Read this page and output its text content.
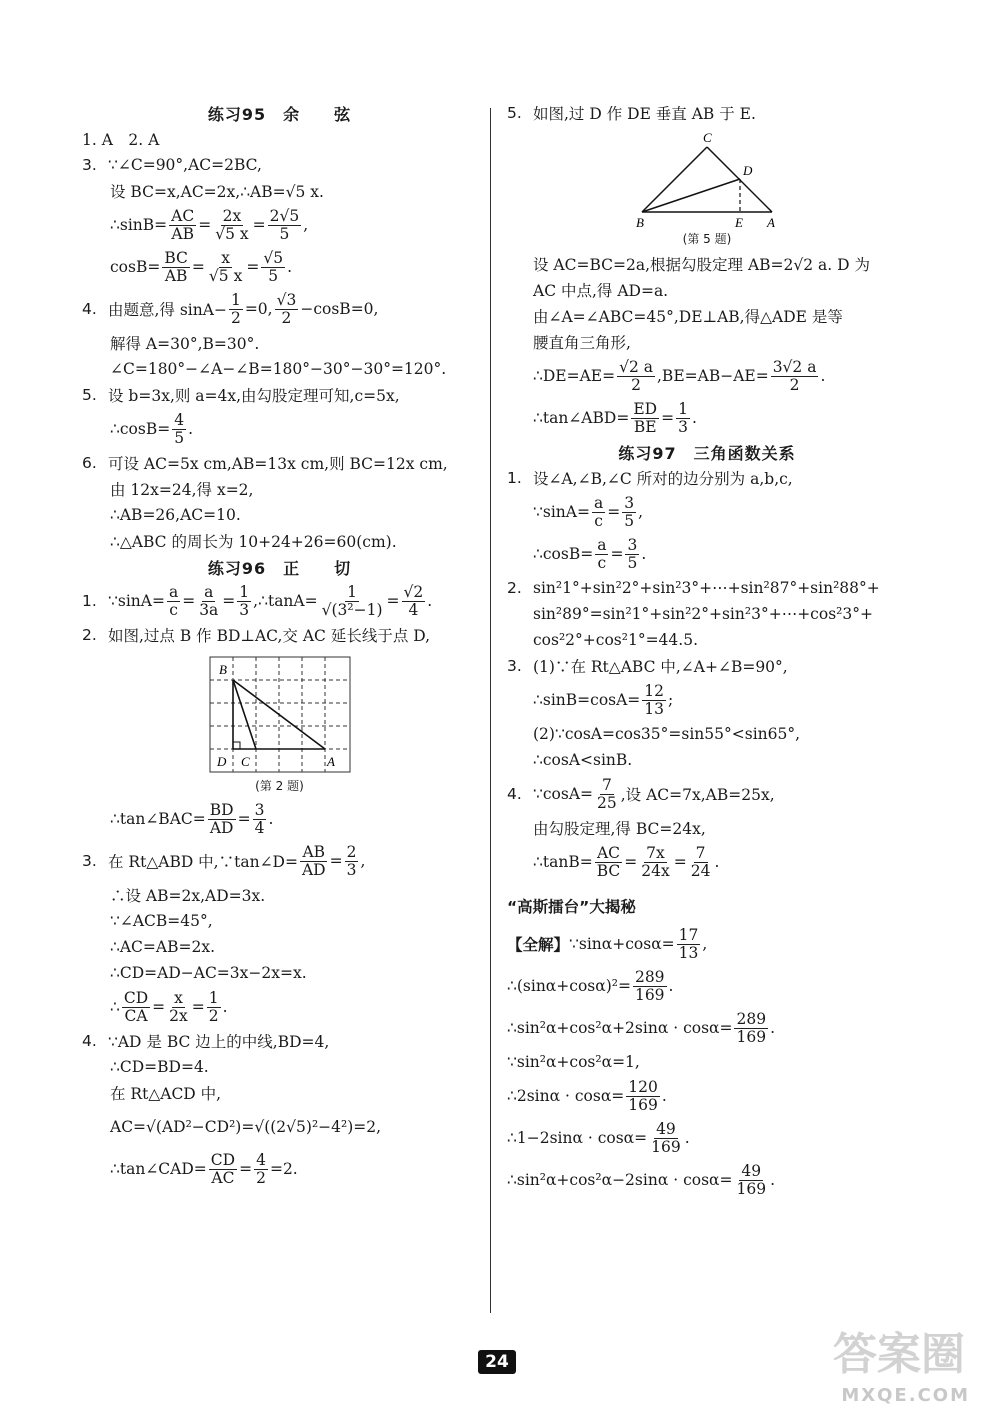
练习95　余　　弦
1. A　2. A
3. ∵∠C=90°,AC=2BC,
设 BC=x,AC=2x,∴AB=√5 x.
∴sinB= $\frac{AC}{AB} = \frac{2x}{√5 x} = \frac{2√5}{5}$ ,
$\cos B= \frac{BC}{AB} = \frac{x}{√5 x} = \frac{√5}{5}$ .
4. 由题意,得 $\sin A- \frac{1}{2} =0$, $\frac{√3}{2} -\cos B=0$,
解得 A=30°,B=30°.
∠C=180°−∠A−∠B=180°−30°−30°=120°.
5. 设 b=3x,则 a=4x,由勾股定理可知,c=5x,
∴cosB= $\frac{4}{5}$ .
6. 可设 AC=5x cm,AB=13x cm,则 BC=12x cm,
由 12x=24,得 x=2,
∴AB=26,AC=10.
∴△ABC 的周长为 10+24+26=60(cm).
练习96　正　　切
1. ∵sinA= $\frac{a}{c} = \frac{a}{3a} = \frac{1}{3}$ ,∴tanA= $\frac{1}{\text{√(3²−1)}} = \frac{√2}{4}$ .
2. 如图,过点 B 作 BD⊥AC,交 AC 延长线于点 D,
B
D C	A
(第 2 题)
∴tan∠BAC= $\frac{BD}{AD} = \frac{3}{4}$ .
3. 在 Rt△ABD 中,∵tan∠D= $\frac{AB}{AD} = \frac{2}{3}$ ,
∴设 AB=2x,AD=3x.
∵∠ACB=45°,
∴AC=AB=2x.
∴CD=AD−AC=3x−2x=x.
∴ $\frac{CD}{CA} = \frac{x}{2x} = \frac{1}{2}$ .
4. ∵AD 是 BC 边上的中线,BD=4,
∴CD=BD=4.
在 Rt△ACD 中,
AC=√(AD²−CD²)=√((2√5)²−4²)=2,
∴tan∠CAD= $\frac{CD}{AC} = \frac{4}{2} =2$.
5. 如图,过 D 作 DE 垂直 AB 于 E.
C
D
B	E A
(第 5 题)
设 AC=BC=2a,根据勾股定理 AB=2√2 a. D 为
AC 中点,得 AD=a.
由∠A=∠ABC=45°,DE⊥AB,得△ADE 是等
腰直角三角形,
∴DE=AE= $\frac{√2 a}{2} ,BE=AB-AE= \frac{3√2 a}{2}$ .
∴tan∠ABD= $\frac{ED}{BE} = \frac{1}{3}$ .
练习97　三角函数关系
1. 设∠A,∠B,∠C 所对的边分别为 a,b,c,
∵sinA= $\frac{a}{c} = \frac{3}{5}$ ,
∴cosB= $\frac{a}{c} = \frac{3}{5}$ .
2. sin²1°+sin²2°+sin²3°+⋯+sin²87°+sin²88°+
sin²89°=sin²1°+sin²2°+sin²3°+⋯+cos²3°+
cos²2°+cos²1°=44.5.
3. (1)∵在 Rt△ABC 中,∠A+∠B=90°,
∴sinB=cosA= $\frac{12}{13}$ ;
(2)∵cosA=cos35°=sin55°<sin65°,
∴cosA<sinB.
4. ∵cosA= $\frac{7}{25}$ ,设 AC=7x,AB=25x,
由勾股定理,得 BC=24x,
∴tanB= $\frac{AC}{BC} = \frac{7x}{24x} = \frac{7}{24}$ .
“高斯擂台”大揭秘
【全解】 ∵sinα+cosα= $\frac{17}{13}$ ,
∴(sinα+cosα)²= $\frac{289}{169}$ .
∴sin²α+cos²α+2sinα · $\cos\alpha= \frac{289}{169}$ .
∵sin²α+cos²α=1,
∴2sinα · $\cos\alpha= \frac{120}{169}$ .
∴1−2sinα · $\cos\alpha= \frac{49}{169}$ .
∴sin²α+cos²α−2sinα · $\cos\alpha= \frac{49}{169}$ .
24	答案圈
MXQE.COM
